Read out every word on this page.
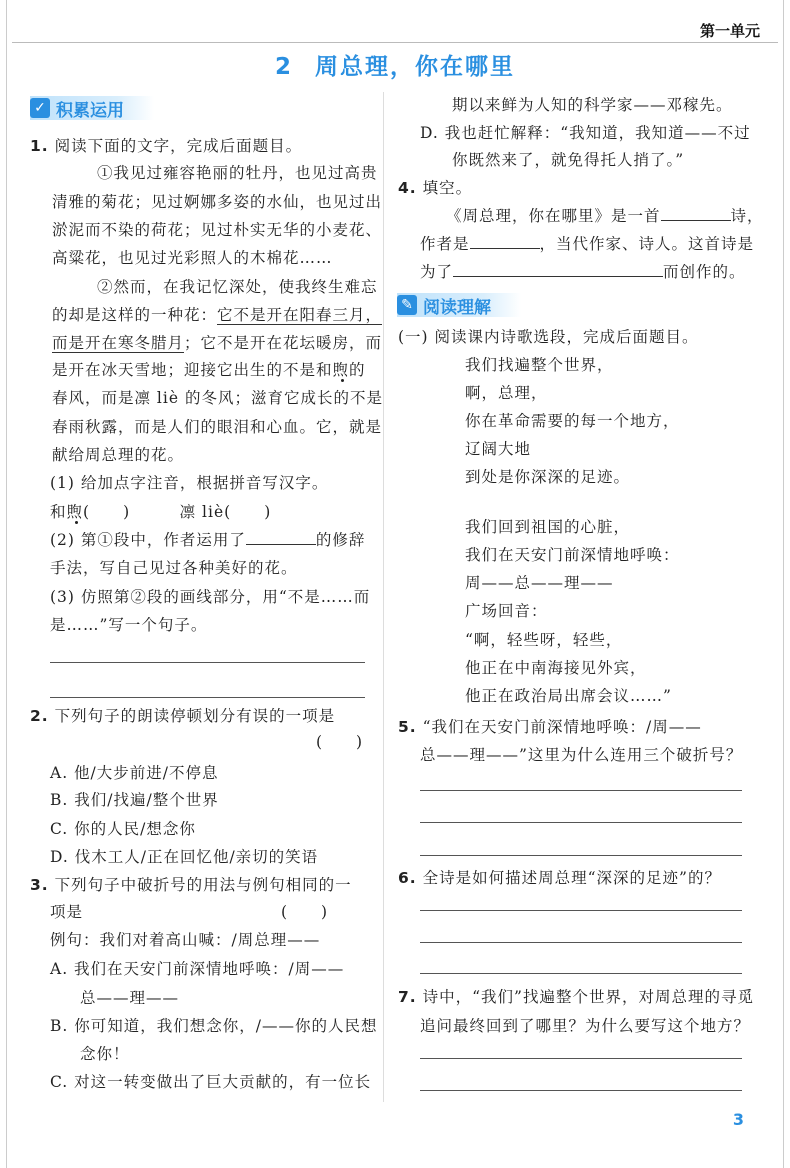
第一单元
2 周总理，你在哪里
✓ 积累运用
✎ 阅读理解
1. 阅读下面的文字，完成后面题目。
①我见过雍容艳丽的牡丹，也见过高贵
清雅的菊花；见过婀娜多姿的水仙，也见过出
淤泥而不染的荷花；见过朴实无华的小麦花、
高粱花，也见过光彩照人的木棉花……
②然而，在我记忆深处，使我终生难忘
的却是这样的一种花：它不是开在阳春三月，
而是开在寒冬腊月；它不是开在花坛暖房，而
是开在冰天雪地；迎接它出生的不是和煦的
春风，而是凛 liè 的冬风；滋育它成长的不是
春雨秋露，而是人们的眼泪和心血。它，就是
献给周总理的花。
(1) 给加点字注音，根据拼音写汉字。
和煦(　　)　　　凛 liè(　　)
(2) 第①段中，作者运用了	的修辞
手法，写自己见过各种美好的花。
(3) 仿照第②段的画线部分，用“不是……而
是……”写一个句子。
2. 下列句子的朗读停顿划分有误的一项是
(　　)
A. 他/大步前进/不停息
B. 我们/找遍/整个世界
C. 你的人民/想念你
D. 伐木工人/正在回忆他/亲切的笑语
3. 下列句子中破折号的用法与例句相同的一
项是　　　　　　　　　　　　(　　)
例句：我们对着高山喊：/周总理——
A. 我们在天安门前深情地呼唤：/周——
总——理——
B. 你可知道，我们想念你，/——你的人民想
念你！
C. 对这一转变做出了巨大贡献的，有一位长
期以来鲜为人知的科学家——邓稼先。
D. 我也赶忙解释：“我知道，我知道——不过
你既然来了，就免得托人捎了。”
4. 填空。
《周总理，你在哪里》是一首	诗，
作者是	，当代作家、诗人。这首诗是
为了	而创作的。
(一) 阅读课内诗歌选段，完成后面题目。
我们找遍整个世界，
啊，总理，
你在革命需要的每一个地方，
辽阔大地
到处是你深深的足迹。
我们回到祖国的心脏，
我们在天安门前深情地呼唤：
周——总——理——
广场回音：
“啊，轻些呀，轻些，
他正在中南海接见外宾，
他正在政治局出席会议……”
5. “我们在天安门前深情地呼唤：/周——
总——理——”这里为什么连用三个破折号？
6. 全诗是如何描述周总理“深深的足迹”的？
7. 诗中，“我们”找遍整个世界，对周总理的寻觅
追问最终回到了哪里？为什么要写这个地方？
3
